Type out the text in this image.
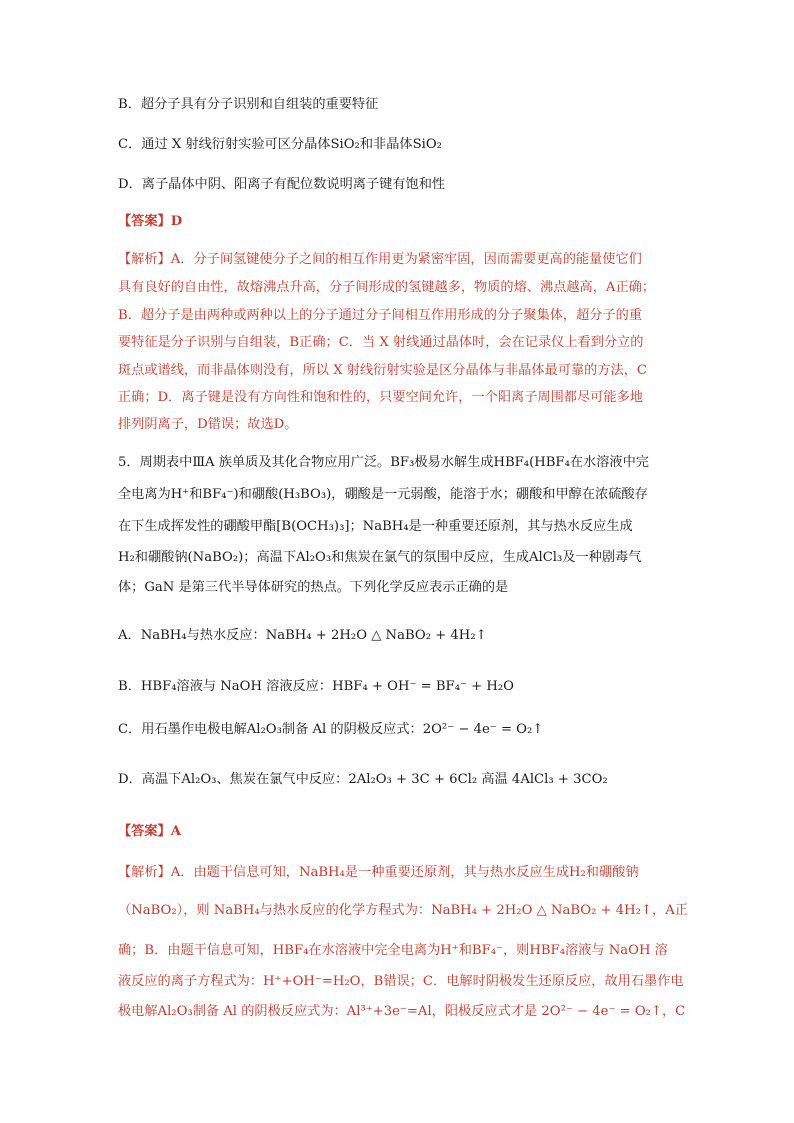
B．超分子具有分子识别和自组装的重要特征
C．通过 X 射线衍射实验可区分晶体SiO₂和非晶体SiO₂
D．离子晶体中阴、阳离子有配位数说明离子键有饱和性
【答案】D
【解析】A．分子间氢键使分子之间的相互作用更为紧密牢固，因而需要更高的能量使它们
具有良好的自由性，故熔沸点升高，分子间形成的氢键越多，物质的熔、沸点越高，A正确；
B．超分子是由两种或两种以上的分子通过分子间相互作用形成的分子聚集体，超分子的重
要特征是分子识别与自组装，B正确；C．当 X 射线通过晶体时，会在记录仪上看到分立的
斑点或谱线，而非晶体则没有，所以 X 射线衍射实验是区分晶体与非晶体最可靠的方法，C
正确；D．离子键是没有方向性和饱和性的，只要空间允许，一个阳离子周围都尽可能多地
排列阴离子，D错误；故选D。
5．周期表中ⅢA 族单质及其化合物应用广泛。BF₃极易水解生成HBF₄(HBF₄在水溶液中完
全电离为H⁺和BF₄⁻)和硼酸(H₃BO₃)，硼酸是一元弱酸，能溶于水；硼酸和甲醇在浓硫酸存
在下生成挥发性的硼酸甲酯[B(OCH₃)₃]；NaBH₄是一种重要还原剂，其与热水反应生成
H₂和硼酸钠(NaBO₂)；高温下Al₂O₃和焦炭在氯气的氛围中反应，生成AlCl₃及一种剧毒气
体；GaN 是第三代半导体研究的热点。下列化学反应表示正确的是
A．NaBH₄与热水反应：NaBH₄ + 2H₂O △ NaBO₂ + 4H₂↑
B．HBF₄溶液与 NaOH 溶液反应：HBF₄ + OH⁻ = BF₄⁻ + H₂O
C．用石墨作电极电解Al₂O₃制备 Al 的阴极反应式：2O²⁻ − 4e⁻ = O₂↑
D．高温下Al₂O₃、焦炭在氯气中反应：2Al₂O₃ + 3C + 6Cl₂ 高温 4AlCl₃ + 3CO₂
【答案】A
【解析】A．由题干信息可知，NaBH₄是一种重要还原剂，其与热水反应生成H₂和硼酸钠
（NaBO₂），则 NaBH₄与热水反应的化学方程式为：NaBH₄ + 2H₂O △ NaBO₂ + 4H₂↑，A正
确；B．由题干信息可知，HBF₄在水溶液中完全电离为H⁺和BF₄⁻，则HBF₄溶液与 NaOH 溶
液反应的离子方程式为：H⁺+OH⁻=H₂O，B错误；C．电解时阴极发生还原反应，故用石墨作电
极电解Al₂O₃制备 Al 的阴极反应式为：Al³⁺+3e⁻=Al，阳极反应式才是 2O²⁻ − 4e⁻ = O₂↑，C
